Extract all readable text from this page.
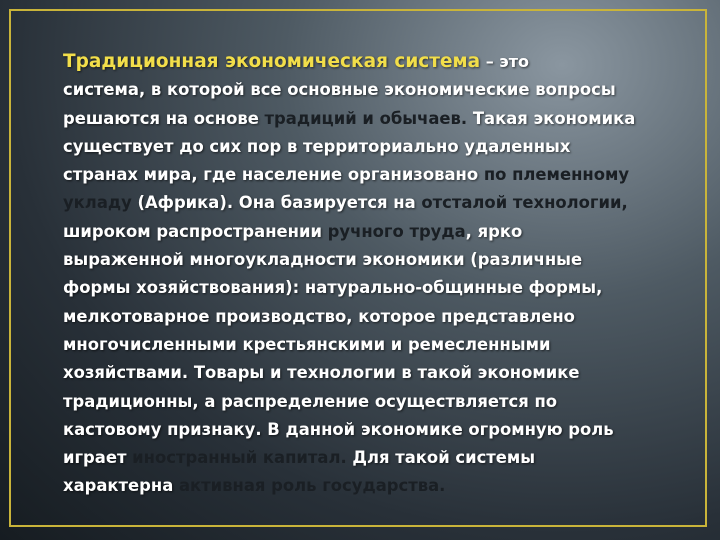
Традиционная экономическая система – это
система, в которой все основные экономические вопросы
решаются на основе традиций и обычаев. Такая экономика
существует до сих пор в территориально удаленных
странах мира, где население организовано по племенному
укладу (Африка). Она базируется на отсталой технологии,
широком распространении ручного труда, ярко
выраженной многоукладности экономики (различные
формы хозяйствования): натурально-общинные формы,
мелкотоварное производство, которое представлено
многочисленными крестьянскими и ремесленными
хозяйствами. Товары и технологии в такой экономике
традиционны, а распределение осуществляется по
кастовому признаку. В данной экономике огромную роль
играет иностранный капитал. Для такой системы
характерна активная роль государства.
